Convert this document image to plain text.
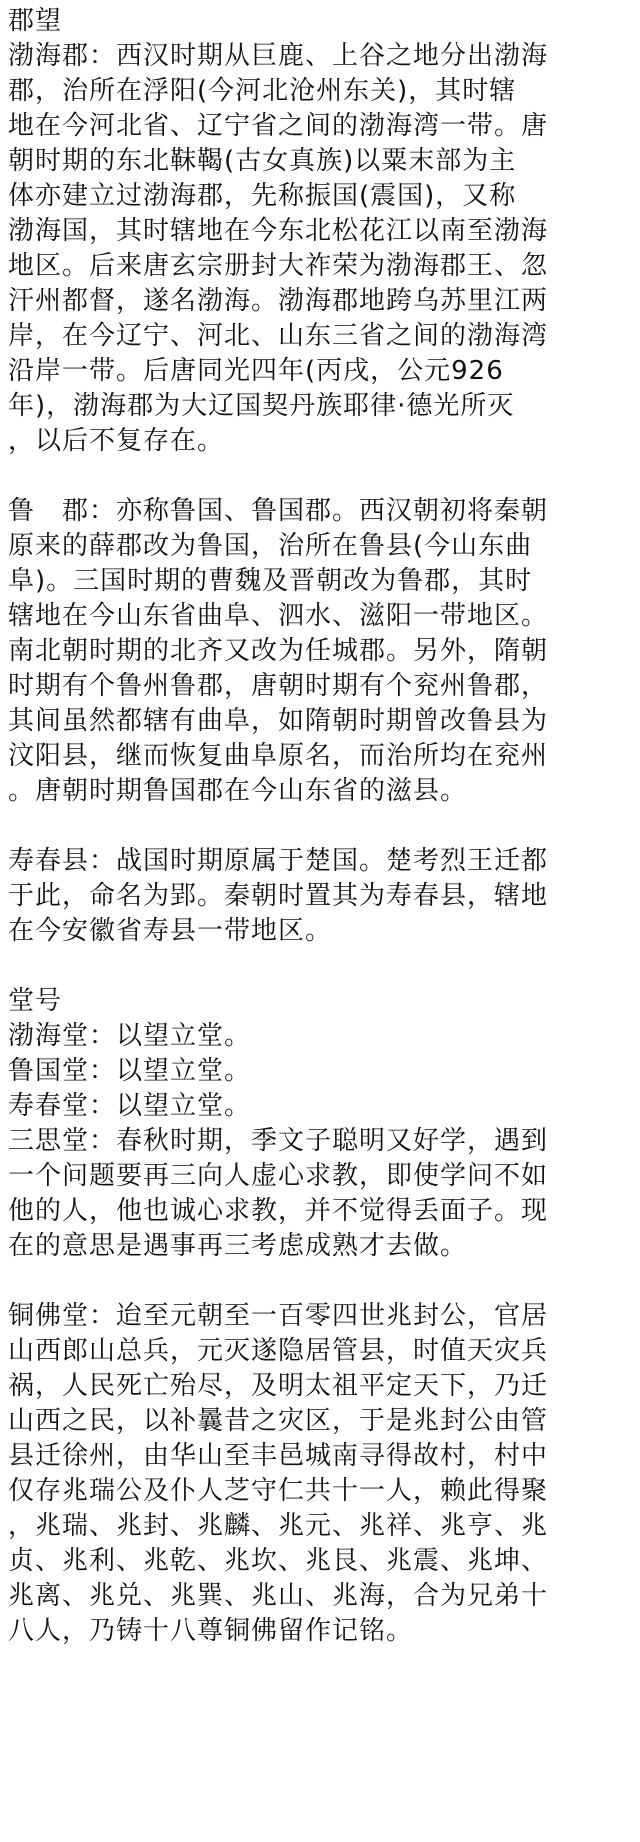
郡望
渤海郡：西汉时期从巨鹿、上谷之地分出渤海
郡，治所在浮阳(今河北沧州东关)，其时辖
地在今河北省、辽宁省之间的渤海湾一带。唐
朝时期的东北靺鞨(古女真族)以粟末部为主
体亦建立过渤海郡，先称振国(震国)，又称
渤海国，其时辖地在今东北松花江以南至渤海
地区。后来唐玄宗册封大祚荣为渤海郡王、忽
汗州都督，遂名渤海。渤海郡地跨乌苏里江两
岸，在今辽宁、河北、山东三省之间的渤海湾
沿岸一带。后唐同光四年(丙戌，公元926
年)，渤海郡为大辽国契丹族耶律·德光所灭
，以后不复存在。
鲁　郡：亦称鲁国、鲁国郡。西汉朝初将秦朝
原来的薛郡改为鲁国，治所在鲁县(今山东曲
阜)。三国时期的曹魏及晋朝改为鲁郡，其时
辖地在今山东省曲阜、泗水、滋阳一带地区。
南北朝时期的北齐又改为任城郡。另外，隋朝
时期有个鲁州鲁郡，唐朝时期有个兖州鲁郡，
其间虽然都辖有曲阜，如隋朝时期曾改鲁县为
汶阳县，继而恢复曲阜原名，而治所均在兖州
。唐朝时期鲁国郡在今山东省的滋县。
寿春县：战国时期原属于楚国。楚考烈王迁都
于此，命名为郢。秦朝时置其为寿春县，辖地
在今安徽省寿县一带地区。
堂号
渤海堂：以望立堂。
鲁国堂：以望立堂。
寿春堂：以望立堂。
三思堂：春秋时期，季文子聪明又好学，遇到
一个问题要再三向人虚心求教，即使学问不如
他的人，他也诚心求教，并不觉得丢面子。现
在的意思是遇事再三考虑成熟才去做。
铜佛堂：迨至元朝至一百零四世兆封公，官居
山西郎山总兵，元灭遂隐居管县，时值天灾兵
祸，人民死亡殆尽，及明太祖平定天下，乃迁
山西之民，以补曩昔之灾区，于是兆封公由管
县迁徐州，由华山至丰邑城南寻得故村，村中
仅存兆瑞公及仆人芝守仁共十一人，赖此得聚
，兆瑞、兆封、兆麟、兆元、兆祥、兆亨、兆
贞、兆利、兆乾、兆坎、兆艮、兆震、兆坤、
兆离、兆兑、兆巽、兆山、兆海，合为兄弟十
八人，乃铸十八尊铜佛留作记铭。
